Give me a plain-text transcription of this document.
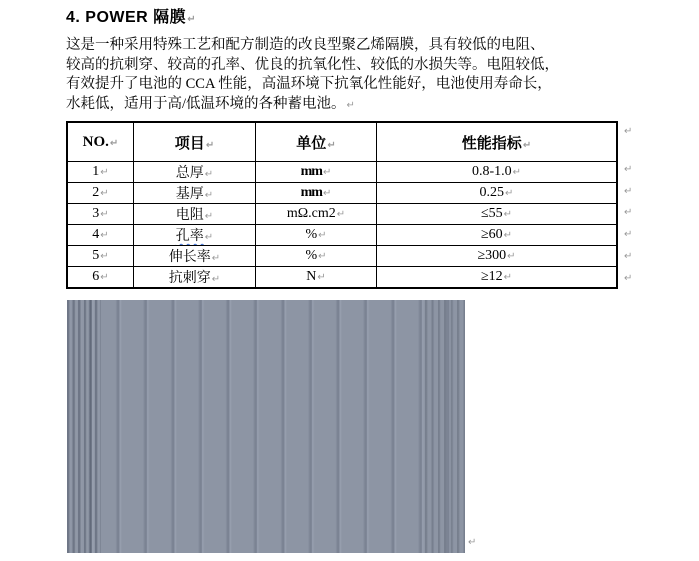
4. POWER 隔膜↵
这是一种采用特殊工艺和配方制造的改良型聚乙烯隔膜，具有较低的电阻、
较高的抗刺穿、较高的孔率、优良的抗氧化性、较低的水损失等。电阻较低，
有效提升了电池的 CCA 性能，高温环境下抗氧化性能好，电池使用寿命长，
水耗低，适用于高/低温环境的各种蓄电池。↵
NO.↵	项目↵	单位↵	性能指标↵
1↵	总厚↵	mm↵	0.8-1.0↵
2↵	基厚↵	mm↵	0.25↵
3↵	电阻↵	mΩ.cm2↵	≤55↵
4↵	孔率↵	%↵	≥60↵
5↵	伸长率↵	%↵	≥300↵
6↵	抗刺穿↵	N↵	≥12↵
↵
↵
↵
↵
↵
↵
↵
↵
